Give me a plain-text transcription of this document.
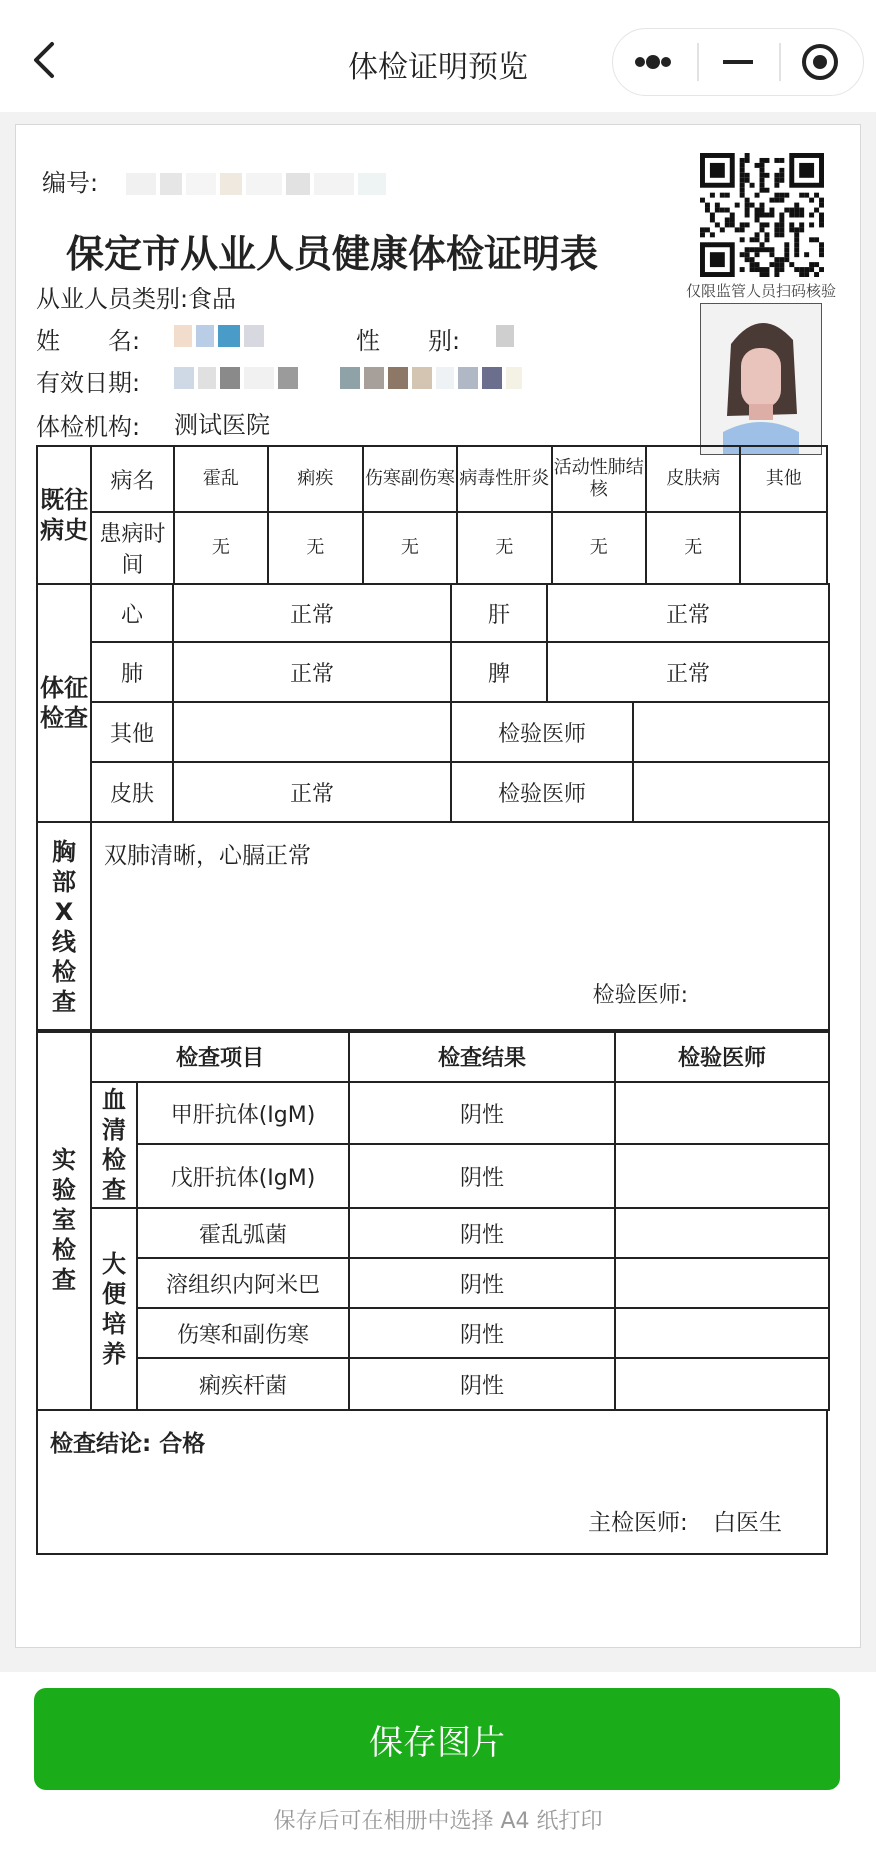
体检证明预览
编号:
仅限监管人员扫码核验
保定市从业人员健康体检证明表
从业人员类别: 食品
姓　　名:	性　　别:
有效日期:
体检机构: 测试医院
既往病史	病名	霍乱	痢疾	伤寒副伤寒	病毒性肝炎	活动性肺结核	皮肤病	其他
	患病时间	无	无	无	无	无	无	
体征检查	心	正常	肝	正常	
	肺	正常	脾	正常	
	其他		检验医师		
	皮肤	正常	检验医师		
胸部X线检查

双肺清晰，心膈正常
检验医师:
实验室检查	检查项目		检查结果	检验医师

	血清检查	甲肝抗体(IgM)	阴性	
		戊肝抗体(IgM)	阴性	

	大便培养	霍乱弧菌	阴性	
		溶组织内阿米巴	阴性	
		伤寒和副伤寒	阴性	
		痢疾杆菌	阴性	
检查结论: 合格
主检医师: 白医生
保存图片
保存后可在相册中选择 A4 纸打印
